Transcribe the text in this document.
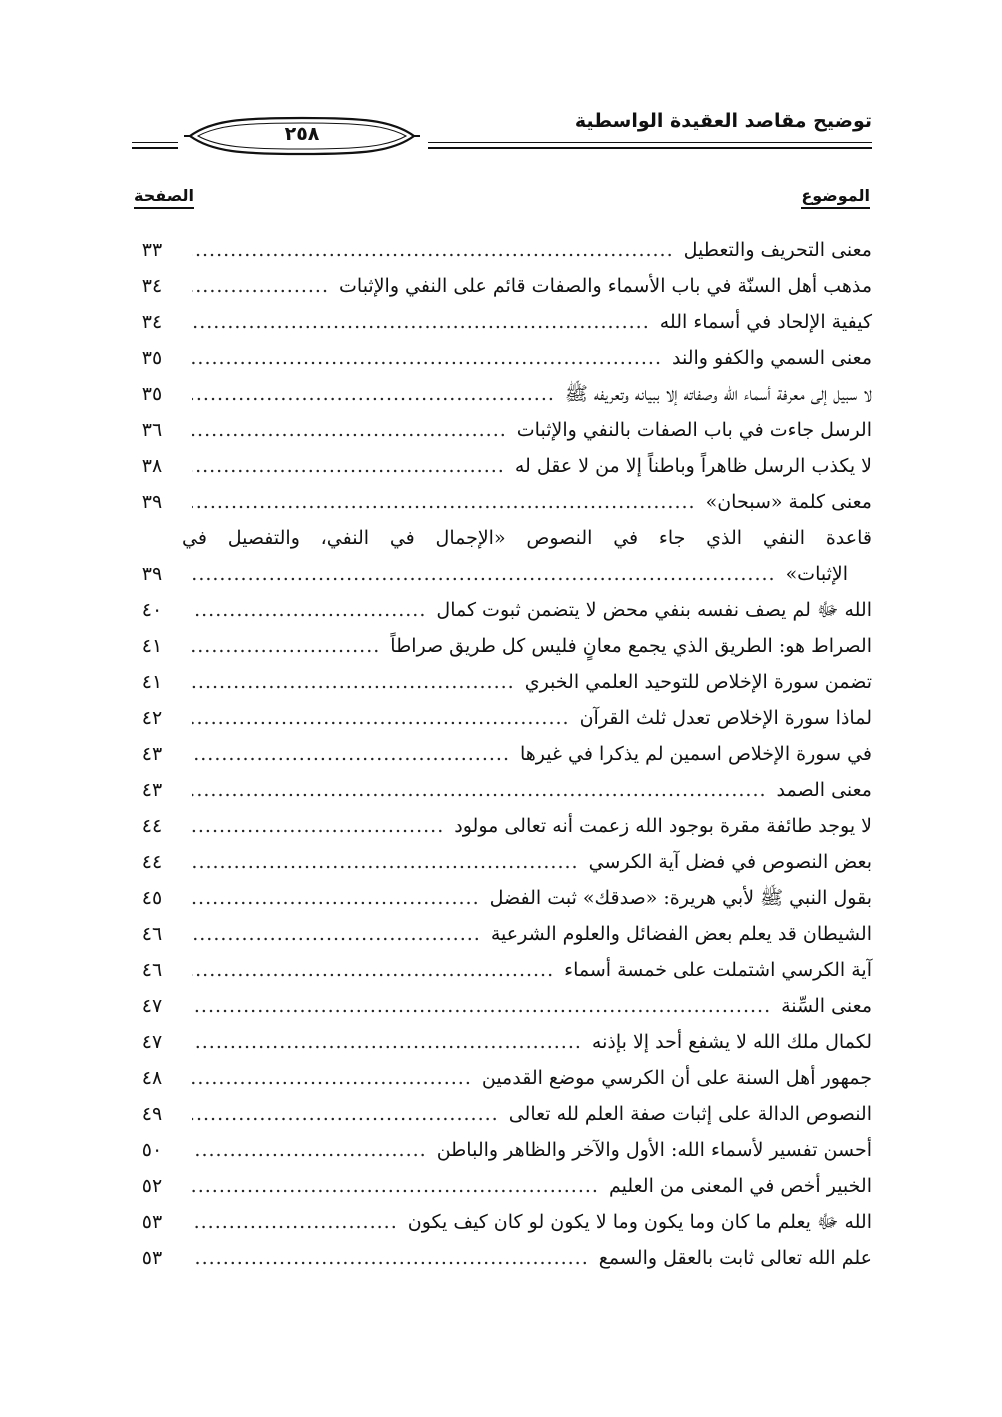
توضيح مقاصد العقيدة الواسطية
٢٥٨
الموضوع
الصفحة
معنى التحريف والتعطيل
.....
٣٣
مذهب أهل السنّة في باب الأسماء والصفات قائم على النفي والإثبات
.....
٣٤
كيفية الإلحاد في أسماء الله
.....
٣٤
معنى السمي والكفو والند
.....
٣٥
لا سبيل إلى معرفة أسماء الله وصفاته إلا ببيانه وتعريفه ﷺ
.....
٣٥
الرسل جاءت في باب الصفات بالنفي والإثبات
.....
٣٦
لا يكذب الرسل ظاهراً وباطناً إلا من لا عقل له
.....
٣٨
معنى كلمة «سبحان»
.....
٣٩
قاعدة النفي الذي جاء في النصوص «الإجمال في النفي، والتفصيل في
الإثبات»
.....
٣٩
الله ﷻ لم يصف نفسه بنفي محض لا يتضمن ثبوت كمال
.....
٤٠
الصراط هو: الطريق الذي يجمع معانٍ فليس كل طريق صراطاً
.....
٤١
تضمن سورة الإخلاص للتوحيد العلمي الخبري
.....
٤١
لماذا سورة الإخلاص تعدل ثلث القرآن
.....
٤٢
في سورة الإخلاص اسمين لم يذكرا في غيرها
.....
٤٣
معنى الصمد
.....
٤٣
لا يوجد طائفة مقرة بوجود الله زعمت أنه تعالى مولود
.....
٤٤
بعض النصوص في فضل آية الكرسي
.....
٤٤
بقول النبي ﷺ لأبي هريرة: «صدقك» ثبت الفضل
.....
٤٥
الشيطان قد يعلم بعض الفضائل والعلوم الشرعية
.....
٤٦
آية الكرسي اشتملت على خمسة أسماء
.....
٤٦
معنى السِّنة
.....
٤٧
لكمال ملك الله لا يشفع أحد إلا بإذنه
.....
٤٧
جمهور أهل السنة على أن الكرسي موضع القدمين
.....
٤٨
النصوص الدالة على إثبات صفة العلم لله تعالى
.....
٤٩
أحسن تفسير لأسماء الله: الأول والآخر والظاهر والباطن
.....
٥٠
الخبير أخص في المعنى من العليم
.....
٥٢
الله ﷻ يعلم ما كان وما يكون وما لا يكون لو كان كيف يكون
.....
٥٣
علم الله تعالى ثابت بالعقل والسمع
.....
٥٣
